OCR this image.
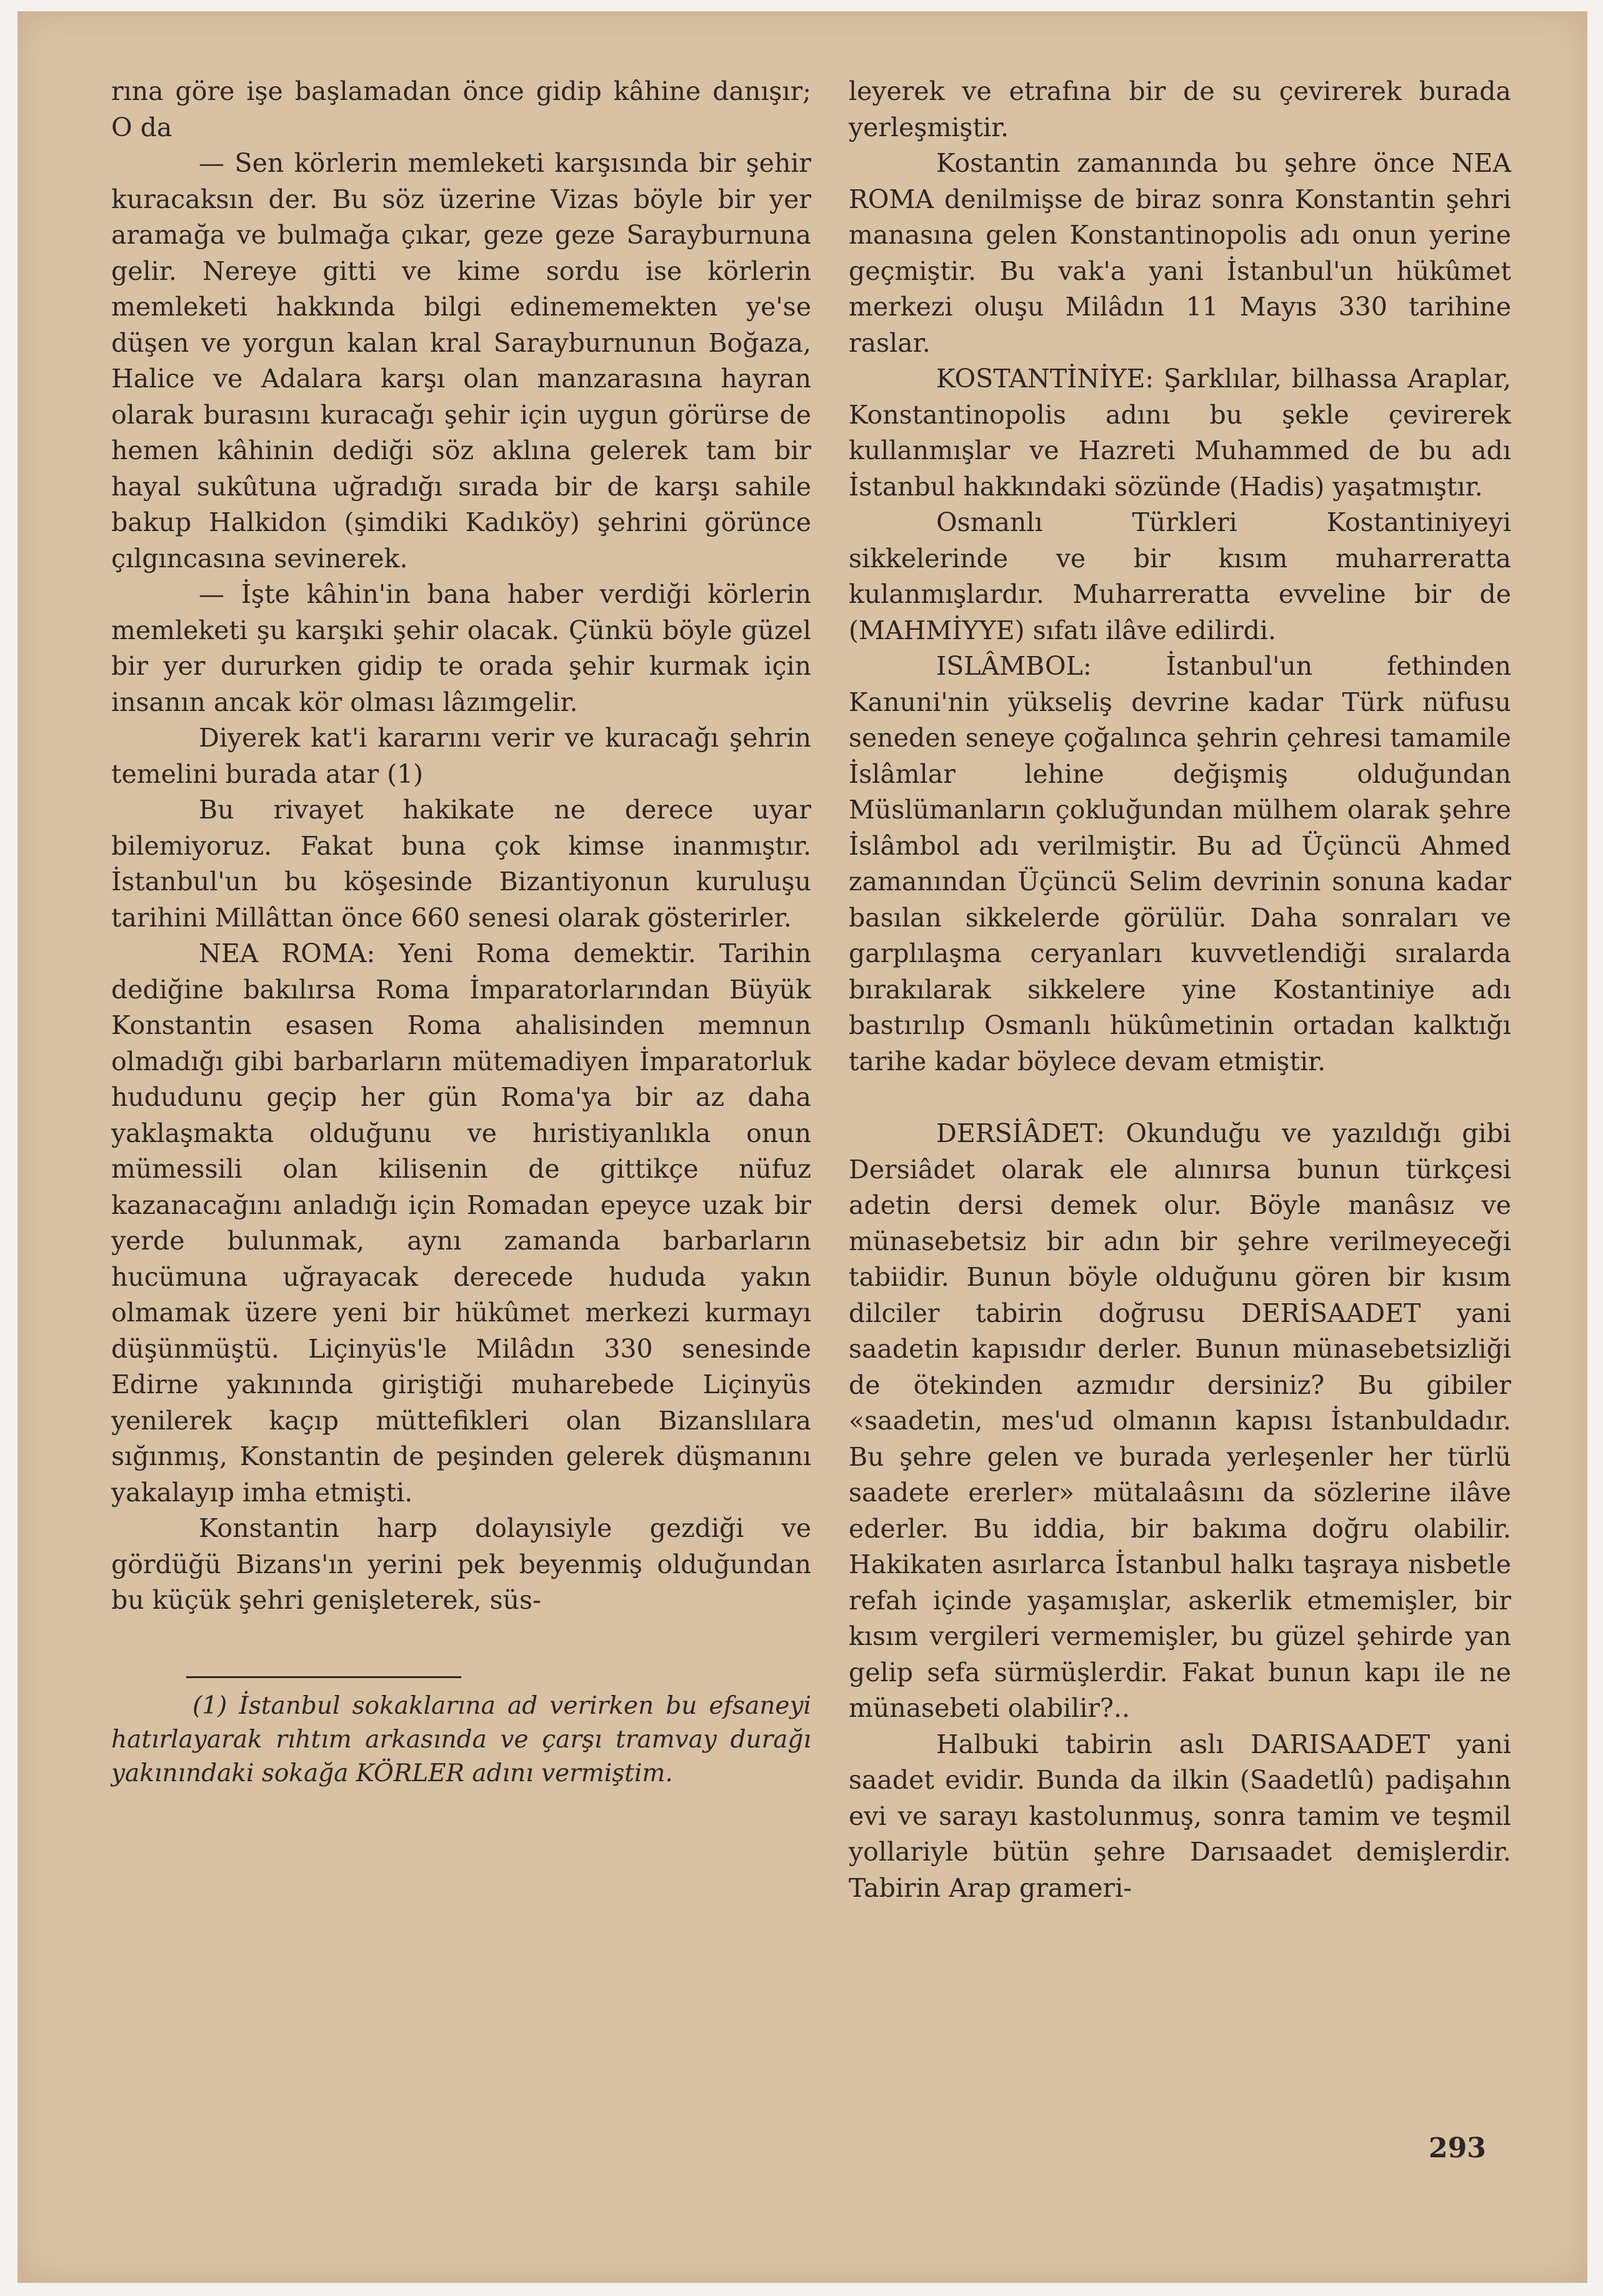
rına göre işe başlamadan önce gidip kâhine danışır; O da

— Sen körlerin memleketi karşısında bir şehir kuracaksın der. Bu söz üzerine Vizas böyle bir yer aramağa ve bulmağa çıkar, geze geze Sarayburnuna gelir. Nereye gitti ve kime sordu ise körlerin memleketi hakkında bilgi edinememekten ye'se düşen ve yorgun kalan kral Sarayburnunun Boğaza, Halice ve Adalara karşı olan manzarasına hayran olarak burasını kuracağı şehir için uygun görürse de hemen kâhinin dediği söz aklına gelerek tam bir hayal sukûtuna uğradığı sırada bir de karşı sahile bakup Halkidon (şimdiki Kadıköy) şehrini görünce çılgıncasına sevinerek.

— İşte kâhin'in bana haber verdiği körlerin memleketi şu karşıki şehir olacak. Çünkü böyle güzel bir yer dururken gidip te orada şehir kurmak için insanın ancak kör olması lâzımgelir.

Diyerek kat'i kararını verir ve kuracağı şehrin temelini burada atar (1)

Bu rivayet hakikate ne derece uyar bilemiyoruz. Fakat buna çok kimse inanmıştır. İstanbul'un bu köşesinde Bizantiyonun kuruluşu tarihini Millâttan önce 660 senesi olarak gösterirler.

NEA ROMA: Yeni Roma demektir. Tarihin dediğine bakılırsa Roma İmparatorlarından Büyük Konstantin esasen Roma ahalisinden memnun olmadığı gibi barbarların mütemadiyen İmparatorluk hududunu geçip her gün Roma'ya bir az daha yaklaşmakta olduğunu ve hıristiyanlıkla onun mümessili olan kilisenin de gittikçe nüfuz kazanacağını anladığı için Romadan epeyce uzak bir yerde bulunmak, aynı zamanda barbarların hucümuna uğrayacak derecede hududa yakın olmamak üzere yeni bir hükûmet merkezi kurmayı düşünmüştü. Liçinyüs'le Milâdın 330 senesinde Edirne yakınında giriştiği muharebede Liçinyüs yenilerek kaçıp müttefikleri olan Bizanslılara sığınmış, Konstantin de peşinden gelerek düşmanını yakalayıp imha etmişti.

Konstantin harp dolayısiyle gezdiği ve gördüğü Bizans'ın yerini pek beyenmiş olduğundan bu küçük şehri genişleterek, süs-

(1) İstanbul sokaklarına ad verirken bu efsaneyi hatırlayarak rıhtım arkasında ve çarşı tramvay durağı yakınındaki sokağa KÖRLER adını vermiştim.

leyerek ve etrafına bir de su çevirerek burada yerleşmiştir.

Kostantin zamanında bu şehre önce NEA ROMA denilmişse de biraz sonra Konstantin şehri manasına gelen Konstantinopolis adı onun yerine geçmiştir. Bu vak'a yani İstanbul'un hükûmet merkezi oluşu Milâdın 11 Mayıs 330 tarihine raslar.

KOSTANTİNİYE: Şarklılar, bilhassa Araplar, Konstantinopolis adını bu şekle çevirerek kullanmışlar ve Hazreti Muhammed de bu adı İstanbul hakkındaki sözünde (Hadis) yaşatmıştır.

Osmanlı Türkleri Kostantiniyeyi sikkelerinde ve bir kısım muharreratta kulanmışlardır. Muharreratta evveline bir de (MAHMİYYE) sıfatı ilâve edilirdi.

ISLÂMBOL: İstanbul'un fethinden Kanuni'nin yükseliş devrine kadar Türk nüfusu seneden seneye çoğalınca şehrin çehresi tamamile İslâmlar lehine değişmiş olduğundan Müslümanların çokluğundan mülhem olarak şehre İslâmbol adı verilmiştir. Bu ad Üçüncü Ahmed zamanından Üçüncü Selim devrinin sonuna kadar basılan sikkelerde görülür. Daha sonraları ve garplılaşma ceryanları kuvvetlendiği sıralarda bırakılarak sikkelere yine Kostantiniye adı bastırılıp Osmanlı hükûmetinin ortadan kalktığı tarihe kadar böylece devam etmiştir.

DERSİÂDET: Okunduğu ve yazıldığı gibi Dersiâdet olarak ele alınırsa bunun türkçesi adetin dersi demek olur. Böyle manâsız ve münasebetsiz bir adın bir şehre verilmeyeceği tabiidir. Bunun böyle olduğunu gören bir kısım dilciler tabirin doğrusu DERİSAADET yani saadetin kapısıdır derler. Bunun münasebetsizliği de ötekinden azmıdır dersiniz? Bu gibiler «saadetin, mes'ud olmanın kapısı İstanbuldadır. Bu şehre gelen ve burada yerleşenler her türlü saadete ererler» mütalaâsını da sözlerine ilâve ederler. Bu iddia, bir bakıma doğru olabilir. Hakikaten asırlarca İstanbul halkı taşraya nisbetle refah içinde yaşamışlar, askerlik etmemişler, bir kısım vergileri vermemişler, bu güzel şehirde yan gelip sefa sürmüşlerdir. Fakat bunun kapı ile ne münasebeti olabilir?..

Halbuki tabirin aslı DARISAADET yani saadet evidir. Bunda da ilkin (Saadetlû) padişahın evi ve sarayı kastolunmuş, sonra tamim ve teşmil yollariyle bütün şehre Darısaadet demişlerdir. Tabirin Arap grameri-

293
